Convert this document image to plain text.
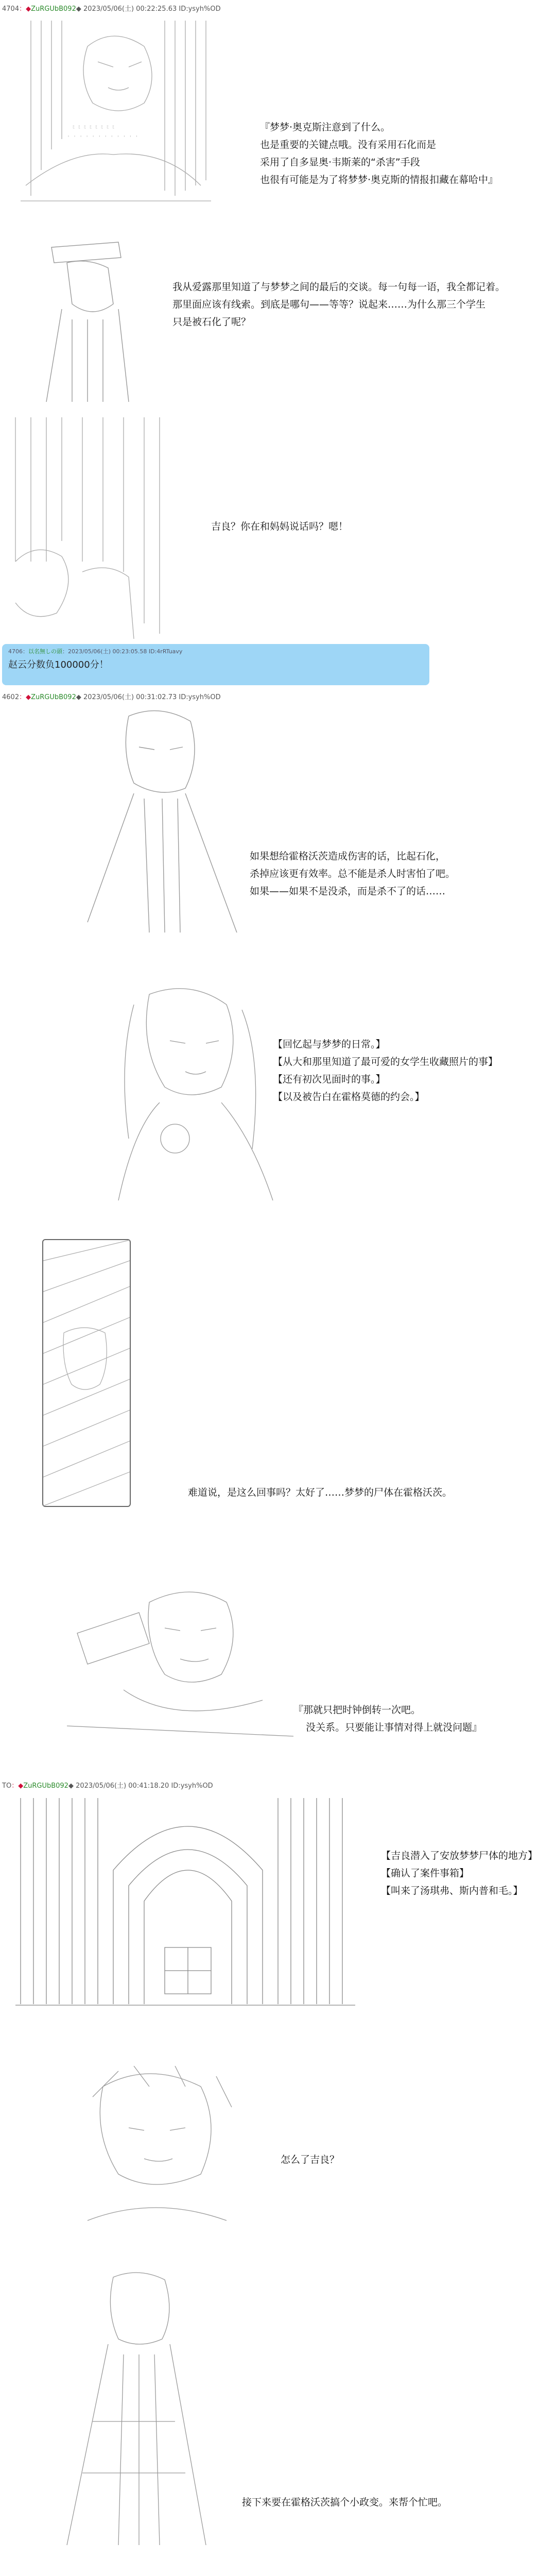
4704：◆ZuRGUbB092◆ 2023/05/06(土) 00:22:25.63 ID:ysyh%OD
ﾐ ﾐ ﾐ ﾐ ﾐ ﾐ ﾐ ﾐ
' ' ' ' ' ' ' ' ' ' ' '
『梦梦·奥克斯注意到了什么。
也是重要的关键点哦。没有采用石化而是
采用了自多显奥·韦斯莱的“杀害”手段
也很有可能是为了将梦梦·奥克斯的情报扣藏在幕哈中』
我从爱露那里知道了与梦梦之间的最后的交谈。每一句每一语，我全都记着。
那里面应该有线索。到底是哪句——等等？说起来……为什么那三个学生
只是被石化了呢？
吉良？你在和妈妈说话吗？嗯！
4706：以名無しの頭：2023/05/06(土) 00:23:05.58 ID:4rRTuavy
赵云分数负100000分！
4602：◆ZuRGUbB092◆ 2023/05/06(土) 00:31:02.73 ID:ysyh%OD
如果想给霍格沃茨造成伤害的话，比起石化，
杀掉应该更有效率。总不能是杀人时害怕了吧。
如果——如果不是没杀，而是杀不了的话……
【回忆起与梦梦的日常。】
【从大和那里知道了最可爱的女学生收藏照片的事】
【还有初次见面时的事。】
【以及被告白在霍格莫德的约会。】
难道说，是这么回事吗？太好了……梦梦的尸体在霍格沃茨。
『那就只把时钟倒转一次吧。
没关系。只要能让事情对得上就没问题』
TO：◆ZuRGUbB092◆ 2023/05/06(土) 00:41:18.20 ID:ysyh%OD
【吉良潜入了安放梦梦尸体的地方】
【确认了案件事箱】
【叫来了汤琪弗、斯内普和毛。】
怎么了吉良？
接下来要在霍格沃茨搞个小政变。来帮个忙吧。
